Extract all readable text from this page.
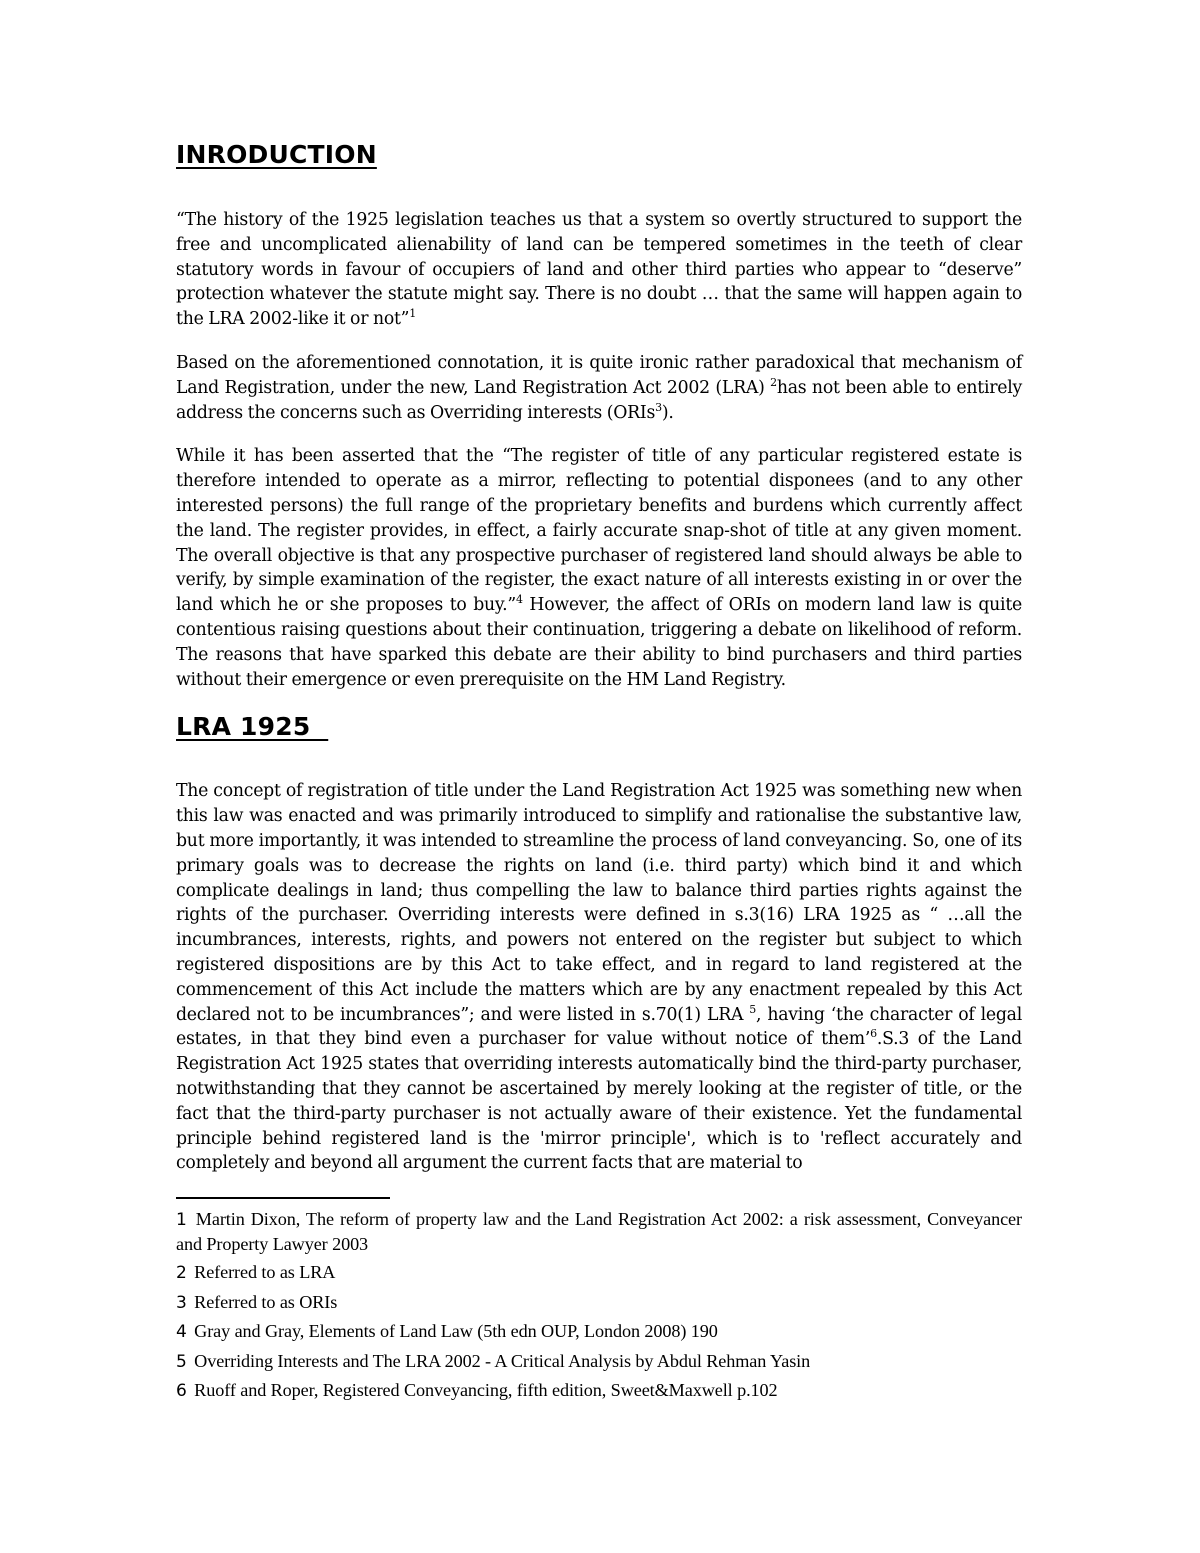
INRODUCTION

“The history of the 1925 legislation teaches us that a system so overtly structured to support the free and uncomplicated alienability of land can be tempered sometimes in the teeth of clear statutory words in favour of occupiers of land and other third parties who appear to “deserve” protection whatever the statute might say. There is no doubt … that the same will happen again to the LRA 2002-like it or not”$^1$

Based on the aforementioned connotation, it is quite ironic rather paradoxical that mechanism of Land Registration, under the new, Land Registration Act 2002 (LRA) $^2$has not been able to entirely address the concerns such as Overriding interests (ORIs$^3$).

While it has been asserted that the “The register of title of any particular registered estate is therefore intended to operate as a mirror, reflecting to potential disponees (and to any other interested persons) the full range of the proprietary benefits and burdens which currently affect the land. The register provides, in effect, a fairly accurate snap-shot of title at any given moment. The overall objective is that any prospective purchaser of registered land should always be able to verify, by simple examination of the register, the exact nature of all interests existing in or over the land which he or she proposes to buy.”$^4$ However, the affect of ORIs on modern land law is quite contentious raising questions about their continuation, triggering a debate on likelihood of reform. The reasons that have sparked this debate are their ability to bind purchasers and third parties without their emergence or even prerequisite on the HM Land Registry.

LRA 1925

The concept of registration of title under the Land Registration Act 1925 was something new when this law was enacted and was primarily introduced to simplify and rationalise the substantive law, but more importantly, it was intended to streamline the process of land conveyancing. So, one of its primary goals was to decrease the rights on land (i.e. third party) which bind it and which complicate dealings in land; thus compelling the law to balance third parties rights against the rights of the purchaser. Overriding interests were defined in s.3(16) LRA 1925 as “ …all the incumbrances, interests, rights, and powers not entered on the register but subject to which registered dispositions are by this Act to take effect, and in regard to land registered at the commencement of this Act include the matters which are by any enactment repealed by this Act declared not to be incumbrances”; and were listed in s.70(1) LRA $^5$, having ‘the character of legal estates, in that they bind even a purchaser for value without notice of them’$^6$.S.3 of the Land Registration Act 1925 states that overriding interests automatically bind the third-party purchaser, notwithstanding that they cannot be ascertained by merely looking at the register of title, or the fact that the third-party purchaser is not actually aware of their existence. Yet the fundamental principle behind registered land is the 'mirror principle', which is to 'reflect accurately and completely and beyond all argument the current facts that are material to

1 Martin Dixon, The reform of property law and the Land Registration Act 2002: a risk assessment, Conveyancer and Property Lawyer 2003

2 Referred to as LRA

3 Referred to as ORIs

4 Gray and Gray, Elements of Land Law (5th edn OUP, London 2008) 190

5 Overriding Interests and The LRA 2002 - A Critical Analysis by Abdul Rehman Yasin

6 Ruoff and Roper, Registered Conveyancing, fifth edition, Sweet&Maxwell p.102
